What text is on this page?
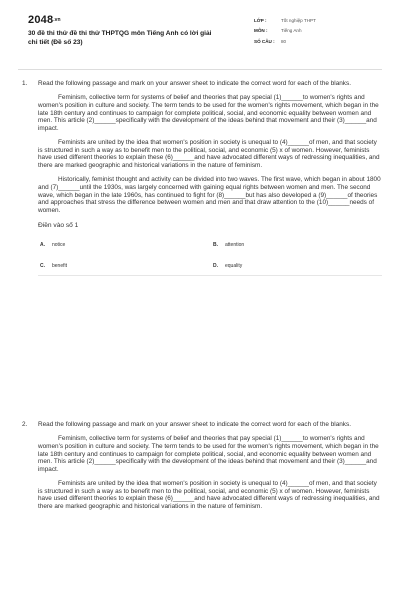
2048.vn
30 đề thi thử đề thi thử THPTQG môn Tiếng Anh có lời giải chi tiết (Đề số 23)
LỚP :	Tốt nghiệp THPT
MÔN :	Tiếng Anh
SỐ CÂU :	80
1.	Read the following passage and mark on your answer sheet to indicate the correct word for each of the blanks.

Feminism, collective term for systems of belief and theories that pay special (1)______to women's rights and women's position in culture and society. The term tends to be used for the women's rights movement, which began in the late 18th century and continues to campaign for complete political, social, and economic equality between women and men. This article (2)______specifically with the development of the ideas behind that movement and their (3)______and impact.

Feminists are united by the idea that women's position in society is unequal to (4)______of men, and that society is structured in such a way as to benefit men to the political, social, and economic (5) x of women. However, feminists have used different theories to explain these (6)______and have advocated different ways of redressing inequalities, and there are marked geographic and historical variations in the nature of feminism.

Historically, feminist thought and activity can be divided into two waves. The first wave, which began in about 1800 and (7)______until the 1930s, was largely concerned with gaining equal rights between women and men. The second wave, which began in the late 1960s, has continued to fight for (8)______but has also developed a (9)______of theories and approaches that stress the difference between women and men and that draw attention to the (10)______needs of women.

Điền vào số 1
A. notice	B. attention
C. benefit	D. equality
2.	Read the following passage and mark on your answer sheet to indicate the correct word for each of the blanks.

Feminism, collective term for systems of belief and theories that pay special (1)______to women's rights and women's position in culture and society. The term tends to be used for the women's rights movement, which began in the late 18th century and continues to campaign for complete political, social, and economic equality between women and men. This article (2)______specifically with the development of the ideas behind that movement and their (3)______and impact.

Feminists are united by the idea that women's position in society is unequal to (4)______of men, and that society is structured in such a way as to benefit men to the political, social, and economic (5) x of women. However, feminists have used different theories to explain these (6)______and have advocated different ways of redressing inequalities, and there are marked geographic and historical variations in the nature of feminism.
